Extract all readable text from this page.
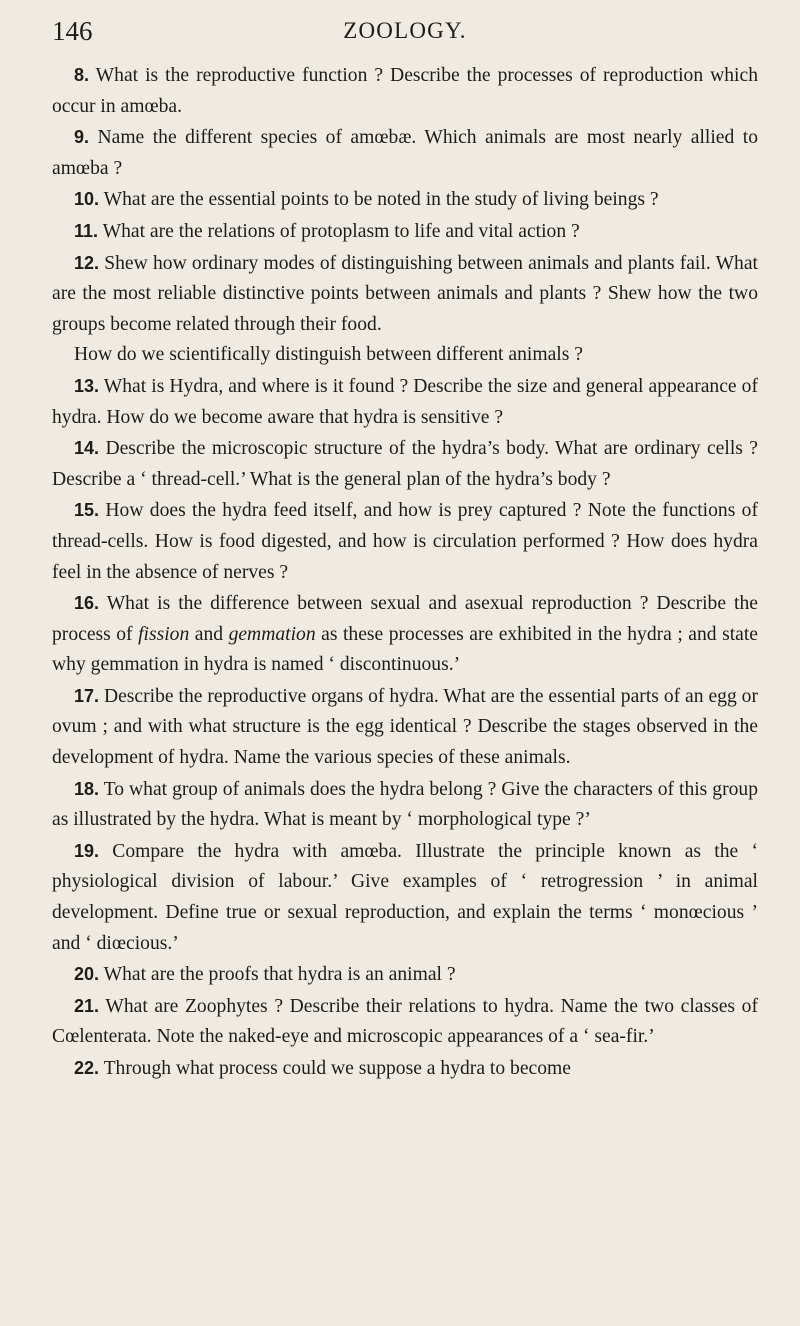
146	ZOOLOGY.

8. What is the reproductive function ? Describe the processes of reproduction which occur in amœba.

9. Name the different species of amœbæ. Which animals are most nearly allied to amœba ?

10. What are the essential points to be noted in the study of living beings ?

11. What are the relations of protoplasm to life and vital action ?

12. Shew how ordinary modes of distinguishing between animals and plants fail. What are the most reliable distinctive points between animals and plants ? Shew how the two groups become related through their food.

How do we scientifically distinguish between different animals ?

13. What is Hydra, and where is it found ? Describe the size and general appearance of hydra. How do we become aware that hydra is sensitive ?

14. Describe the microscopic structure of the hydra’s body. What are ordinary cells ? Describe a ‘ thread-cell.’ What is the general plan of the hydra’s body ?

15. How does the hydra feed itself, and how is prey captured ? Note the functions of thread-cells. How is food digested, and how is circulation performed ? How does hydra feel in the absence of nerves ?

16. What is the difference between sexual and asexual reproduction ? Describe the process of fission and gemmation as these processes are exhibited in the hydra ; and state why gemmation in hydra is named ‘ discontinuous.’

17. Describe the reproductive organs of hydra. What are the essential parts of an egg or ovum ; and with what structure is the egg identical ? Describe the stages observed in the development of hydra. Name the various species of these animals.

18. To what group of animals does the hydra belong ? Give the characters of this group as illustrated by the hydra. What is meant by ‘ morphological type ?’

19. Compare the hydra with amœba. Illustrate the principle known as the ‘ physiological division of labour.’ Give examples of ‘ retrogression ’ in animal development. Define true or sexual reproduction, and explain the terms ‘ monœcious ’ and ‘ diœcious.’

20. What are the proofs that hydra is an animal ?

21. What are Zoophytes ? Describe their relations to hydra. Name the two classes of Cœlenterata. Note the naked-eye and microscopic appearances of a ‘ sea-fir.’

22. Through what process could we suppose a hydra to become
